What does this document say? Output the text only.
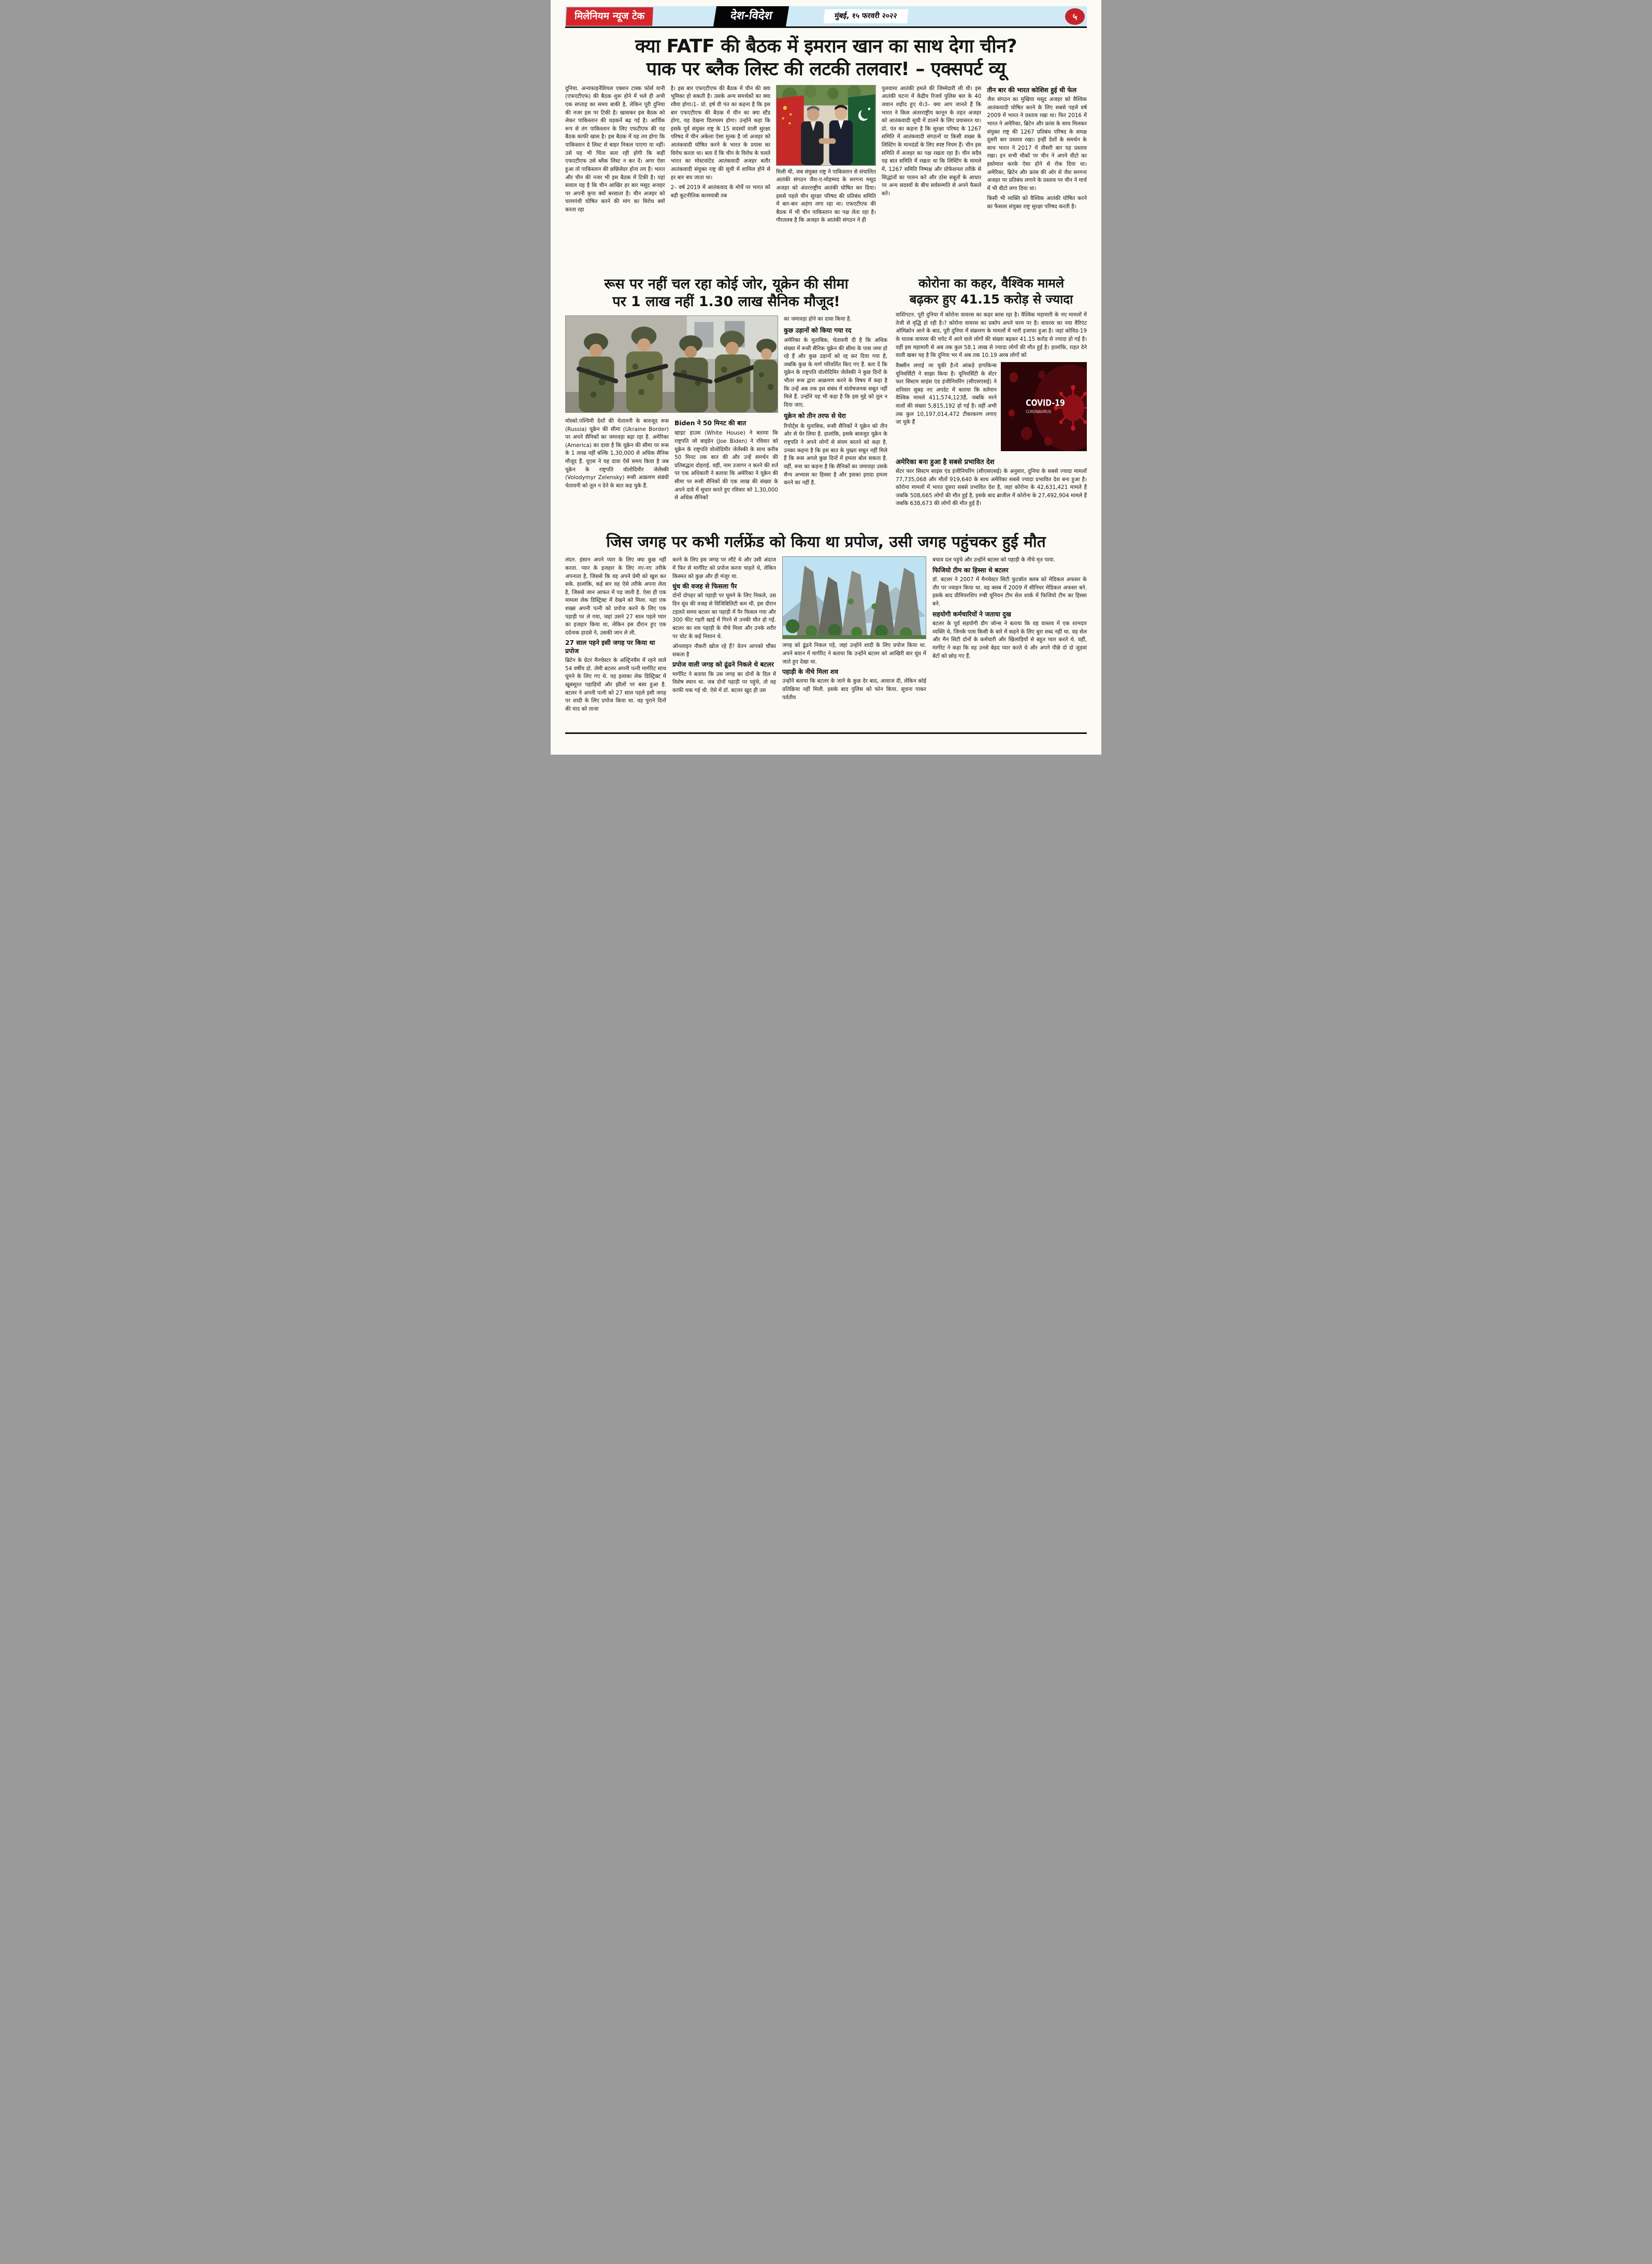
मिलेनियम न्यूज टेक	देश-विदेश	मुंबई, १५ फरवरी २०२२	५
क्या FATF की बैठक में इमरान खान का साथ देगा चीन?
पाक पर ब्लैक लिस्ट की लटकी तलवार! – एक्सपर्ट व्यू

दुनिया. अन्यफाइनेंशियल एक्शन टास्क फोर्स यानी (एफएटीएफ) की बैठक शुरू होने में भले ही अभी एक सप्ताह का समय बाकी है, लेकिन पूरी दुनिया की नजर इस पर टिकी है। खासकर इस बैठक को लेकर पाकिस्तान की धड़कनें बढ़ गई है। आर्थिक रूप से तंग पाकिस्तान के लिए एफटीएफ की यह बैठक काफी खास है। इस बैठक में यह तय होगा कि पाकिस्तान ग्रे लिस्ट से बाहर निकल पाएगा या नहीं। उसे यह भी चिंता सता रही होगी कि कहीं एफएटीएफ उसे ब्लैक लिस्ट न कर दें। अगर ऐसा हुआ तो पाकिस्तान की छछिलेदर होना तय है। भारत और चीन की नजर भी इस बैठक में टिकी है। यहां सवाल यह है कि चीन आखिर हर बार मसूद अजहर पर अपनी कृपा क्यों बरसाता है। चीन अजहर को चरमपंथी घोषित करने की मांग का विरोध क्यों करता रहा

है। इस बार एफएटीएफ की बैठक में चीन की क्या भूमिका हो सकती है। उसके अन्य समर्थकों का क्या रवैया होगा।1– प्रो. हर्ष वी पंत का कहना है कि इस बार एफएटीएफ की बैठक में चीन का क्या स्टैंड होगा, यह देखना दिलचस्प होगा। उन्होंने कहा कि इसके पूर्व संयुक्त राष्ट्र के 15 सदस्यों वाली सुरक्षा परिषद में चीन अकेला ऐसा मुल्क है जो अजहर को आतंकवादी घोषित करने के भारत के प्रयास का विरोध करता था। बता दें कि चीन के विरोध के चलते भारत का मोस्टवांटेड आतंकवादी अजहर बतौर आतंकवादी संयुक्त राष्ट्र की सूची में शामिल होने से हर बार बच जाता था।

2– वर्ष 2019 में आतंकवाद के मोर्चे पर भारत को बड़ी कूटनीतिक कामयाबी तब

मिली थी, जब संयुक्त राष्ट्र ने पाकिस्तान से संचालित आतंकी संगठन जैश-ए-मोहम्मद के सरगना मसूद अजहर को अंतरराष्ट्रीय आतंकी घोषित कर दिया। इससे पहले चीन सुरक्षा परिषद की प्रतिबंध समिति में बार-बार अड़ंगा लगा रहा था। एफएटीएफ की बैठक में भी चीन पाकिस्तान का पक्ष लेता रहा है। गौरतलब है कि अजहर के आतंकी संगठन ने ही

पुलवामा आतंकी हमले की जिम्मेदारी ली थी। इस आतंकी घटना में केंद्रीय रिजर्व पुलिस बल के 40 जवान शहीद हुए थे।3– क्या आप जानते हैं कि भारत ने किस अंतरराष्ट्रीय कानून के तहत अजहर को आतंकवादी सूची में डालने के लिए प्रयासरत था। प्रो. पंत का कहना है कि सुरक्षा परिषद के 1267 समिति में आतंकवादी संगठनों या किसी शख्स के लिस्टिंग के मानदंडों के लिए स्पष्ट नियम हैं। चीन इस समिति में अजहर का पक्ष रखता रहा है। चीन सदैव यह बात समिति में रखता था कि लिस्टिंग के मामले में, 1267 समिति निष्पक्ष और प्रोफेशनल तरीके से सिद्धांतों का पालन करे और ठोस सबूतों के आधार पर अन्य सदस्यों के बीच सर्वसम्मति से अपने फैसले करे।

तीन बार की भारत कोशिश हुई थी फेल

जैश संगठन का मुखिया मसूद अजहर को वैश्विक आतंकवादी घोषित करने के लिए सबसे पहले वर्ष 2009 में भारत ने प्रस्ताव रखा था। फिर 2016 में भारत ने अमेरिका, ब्रिटेन और फ्रांस के साथ मिलकर संयुक्त राष्ट्र की 1267 प्रतिबंध परिषद के समक्ष दूसरी बार प्रस्ताव रखा। इन्हीं देशों के समर्थन के साथ भारत ने 2017 में तीसरी बार यह प्रस्ताव रखा। इन सभी मौकों पर चीन ने अपने वीटो का इस्तेमाल करके ऐसा होने से रोक दिया था। अमेरिका, ब्रिटेन और फ्रांस की ओर से जैश सरगना अजहर पर प्रतिबंध लगाने के प्रस्ताव पर चीन ने मार्च में भी वीटो लगा दिया था।

किसी भी व्यक्ति को वैश्विक आतंकी घोषित करने का फैसला संयुक्त राष्ट्र सुरक्षा परिषद करती है।

रूस पर नहीं चल रहा कोई जोर, यूक्रेन की सीमा
पर 1 लाख नहीं 1.30 लाख सैनिक मौजूद!

का जमावड़ा होने का दावा किया है.

कुछ उड़ानों को किया गया रद

अमेरिका के मुताबिक, चेतावनी दी है कि अधिक संख्या में रूसी सैनिक यूक्रेन की सीमा के पास जमा हो रहे हैं और कुछ उड़ानों को रद्द कर दिया गया है, जबकि कुछ के मार्ग परिवर्तित किए गए हैं. बता दें कि यूक्रेन के राष्ट्रपति वोलोदिमिर जेलेंस्की ने कुछ दिनों के भीतर रूस द्वारा आक्रमण करने के विषय में कहा है कि उन्हें अब तक इस संबंध में संतोषजनक सबूत नहीं मिले हैं. उन्होंने यह भी कहा है कि इस मुद्दे को तूल न दिया जाए.

यूक्रेन को तीन तरफ से घेरा

रिपोर्ट्स के मुताबिक, रूसी सैनिकों ने यूक्रेन को तीन ओर से घेर लिया है. हालांकि, इसके बावजूद यूक्रेन के राष्ट्रपति ने अपने लोगों से संयम बरतने को कहा है. उनका कहना है कि इस बात के पुख्ता सबूत नहीं मिले हैं कि रूस अगले कुछ दिनों में हमला बोल सकता है. वहीं, रूस का कहना है कि सैनिकों का जमावड़ा उसके सैन्य अभ्यास का हिस्सा है और इसका इरादा हमला करने का नहीं है.

मॉस्को.पश्चिमी देशों की चेतावनी के बावजूद रूस (Russia) यूक्रेन की सीमा (Ukraine Border) पर अपने सैनिकों का जमावड़ा बढ़ा रहा है. अमेरिका (America) का दावा है कि यूक्रेन की सीमा पर रूस के 1 लाख नहीं बल्कि 1,30,000 से अधिक सैनिक मौजूद हैं. यूएस ने यह दावा ऐसे समय किया है जब यूक्रेन के राष्ट्रपति वोलोदिमीर जेलेंस्की (Volodymyr Zelensky) रूसी आक्रमण संबंधी चेतावनी को तूल न देने के बात कह चुके हैं.

Biden ने 50 मिनट की बात

व्हाइट हाउस (White House) ने बताया कि राष्ट्रपति जो बाइडेन (Joe Biden) ने रविवार को यूक्रेन के राष्ट्रपति वोलोदिमीर जेलेंस्की के साथ करीब 50 मिनट तक बात की और उन्हें समर्थन की प्रतिबद्धता दोहराई. वहीं, नाम उजागर न करने की शर्त पर एक अधिकारी ने बताया कि अमेरिका ने यूक्रेन की सीमा पर रूसी सैनिकों की एक लाख की संख्या के अपने दावे में सुधार करते हुए रविवार को 1,30,000 से अधिक सैनिकों

कोरोना का कहर, वैश्विक मामले
बढ़कर हुए 41.15 करोड़ से ज्यादा

वाशिंगटन. पूरी दुनिया में कोरोना वायरस का कहर बरस रहा है। वैश्विक महामारी के नए मामलों में तेजी से वृद्धि हो रही है।? कोरोना वायरस का प्रकोप अपने चरम पर है। वायरस का नया वैरिएंट ओमिक्रोन आने के बाद, पूरी दुनिया में संक्रमण के मामलों में भारी इजाफा हुआ है। जहां कोविड-19 के घातक वायरस की चपेट में आने वाले लोगों की संख्या बढ़कर 41.15 करोड़ से ज्यादा हो गई है। वहीं इस महामारी से अब तक कुल 58.1 लाख से ज्यादा लोगों की मौत हुई है। हालांकि, राहत देने वाली खबर यह है कि दुनिया भर में अब तक 10.19 अरब लोगों को

वैक्सीन लगाई जा चुकी है।ये आंकड़े हापकिन्स यूनिवर्सिटी ने साझा किया है। यूनिवर्सिटी के सेंटर फार सिस्टम साइंस एंड इंजीनियरिंग (सीएसएसई) ने शनिवार सुबह नए अपडेट में बताया कि वर्तमान वैश्विक मामले 411,574,123हैं, जबकि मरने वालों की संख्या 5,815,192 हो गई है। वहीं अभी तक कुल 10,197,014,472 टीकाकरण लगाए जा चुके हैं
COVID-19
CORONAVIRUS
अमेरिका बना हुआ है सबसे प्रभावित देश

सेंटर फार सिस्टम साइंस एंड इंजीनियरिंग (सीएसएसई) के अनुसार, दुनिया के सबसे ज्यादा मामलों 77,735,068 और मौतों 919,640 के साथ अमेरिका सबसे ज्यादा प्रभावित देश बना हुआ है। कोरोना मामलों में भारत दूसरा सबसे प्रभावित देश है, जहां कोरोना के 42,631,421 मामले हैं जबकि 508,665 लोगों की मौत हुई है, इसके बाद ब्राजील में कोरोना के 27,492,904 मामले हैं जबकि 638,673 की लोगों की मौत हुई हैं।

जिस जगह पर कभी गर्लफ्रेंड को किया था प्रपोज, उसी जगह पहुंचकर हुई मौत

लंदन. इंसान अपने प्यार के लिए क्या कुछ नहीं करता. प्यार के इजहार के लिए नए-नए तरीके अपनाता है, जिससे कि वह अपने प्रेमी को खुश कर सके. हालांकि, कई बार वह ऐसे तरीके अपना लेता है, जिससे जान आफत में पड़ जाती है. ऐसा ही एक मामला लेक डिस्ट्रिक्ट में देखने को मिला. यहां एक शख्स अपनी पत्नी को प्रपोज करने के लिए एक पहाड़ी पर ले गया, जहां उसने 27 साल पहले प्यार का इजहार किया था, लेकिन इस दौरान हुए एक दर्दनाक हादसे ने, उसकी जान ले ली.

27 साल पहने इसी जगह पर किया था प्रपोज

ब्रिटेन के ग्रेटर मैनचेस्टर के अल्ट्रिनचैम में रहने वाले 54 वर्षीय डॉ. जेमी बटलर अपनी पत्नी मार्गरिट साथ घूमने के लिए गए थे. यह इलाका लेक डिस्ट्रिक्ट में खूबसूरत पहाड़ियों और झीलों पर बसा हुआ है. बटलर ने अपनी पत्नी को 27 साल पहले इसी जगह पर शादी के लिए प्रपोज किया था. वह पुराने दिनों की याद को ताजा

करने के लिए इस जगह पर लौटे थे और उसी अंदाज में फिर से मार्गरिट को प्रपोज करना चाहते थे, लेकिन किस्मत को कुछ और ही मंजूर था.

धुंध की वजह से फिसला पैर

दोनों दोपहर को पहाड़ी पर घूमने के लिए निकले, उस दिन धूंध की वजह से विजिबिलिटी कम थी. इस दौरान टहलते समय बटलर का पहाड़ी में पैर फिसल गया और 300 फीट गहरी खाई में गिरने से उनकी मौत हो गई. बटलर का शव पहाड़ी के नीचे मिला और उनके शरीर पर चोट के कई निशान थे.

ऑनलाइन नौकरी खोज रहे हैं? वेतन आपको चौंका सकता है

प्रपोज वाली जगह को ढूंढने निकले थे बटलर

मार्गरिट ने बताया कि उस जगह का दोनों के दिल में विशेष स्थान था. जब दोनों पहाड़ी पर पहुंचे, तो वह काफी थक गई थी. ऐसे में डॉ. बटलर खुद ही उस

जगह को ढूंढने निकल पड़े, जहां उन्होंने शादी के लिए प्रपोज किया था. अपने बयान में मार्गरिट ने बताया कि उन्होंने बटलर को आखिरी बार धूंध में जाते हुए देखा था.

पहाड़ी के नीचे मिला शव

उन्होंने बताया कि बटलर के जाने के कुछ देर बाद, आवाज दी, लेकिन कोई प्रतिक्रिया नहीं मिली. इसके बाद पुलिस को फोन किया. सूचना पाकर पर्वतीय

बचाव दल पहुंचे और उन्होंने बटलर को पहाड़ी के नीचे मृत पाया.

फिजियो टीम का हिस्सा थे बटलर

डॉ. बटलर ने 2007 में मैनचेस्टर सिटी फुटबॉल क्लब को मेडिकल अफसर के तौर पर ज्वाइन किया था. वह क्लब में 2009 में सीनियर मेडिकल अफसर बने. इसके बाद प्रीमियरशिप रग्बी यूनियन टीम सेल शार्क में फिजियो टीम का हिस्सा बने.

सहयोगी कर्मचारियों ने जताया दुख

बटलर के पूर्व सहयोगी डौग जोन्स ने बताया कि वह वास्तव में एक शानदार व्यक्ति थे, जिनके पास किसी के बारे में कहने के लिए बुरा शब्द नहीं था. वह सेल और मैन सिटी दोनों के कर्मचारी और खिलाड़ियों से बहुत प्यार करते थे. वहीं, मार्गरेट ने कहा कि वह उनसे बेहद प्यार करते थे और अपने पीछे दो दो जुड़वां बेटों को छोड़ गए हैं.
